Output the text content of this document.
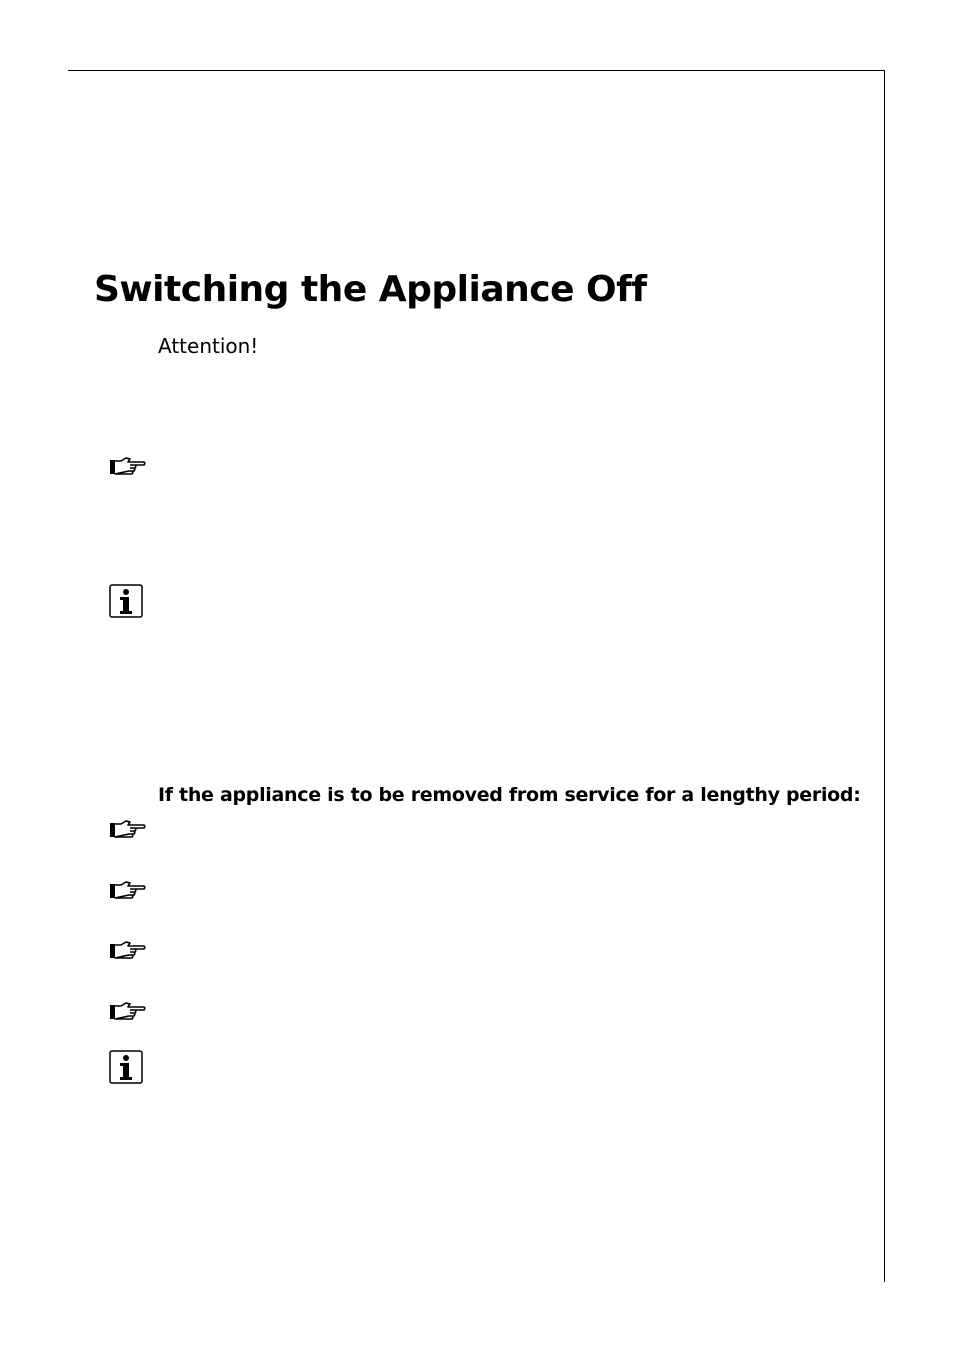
Switching the Appliance Off
Attention!
If the appliance is to be removed from service for a lengthy period:
